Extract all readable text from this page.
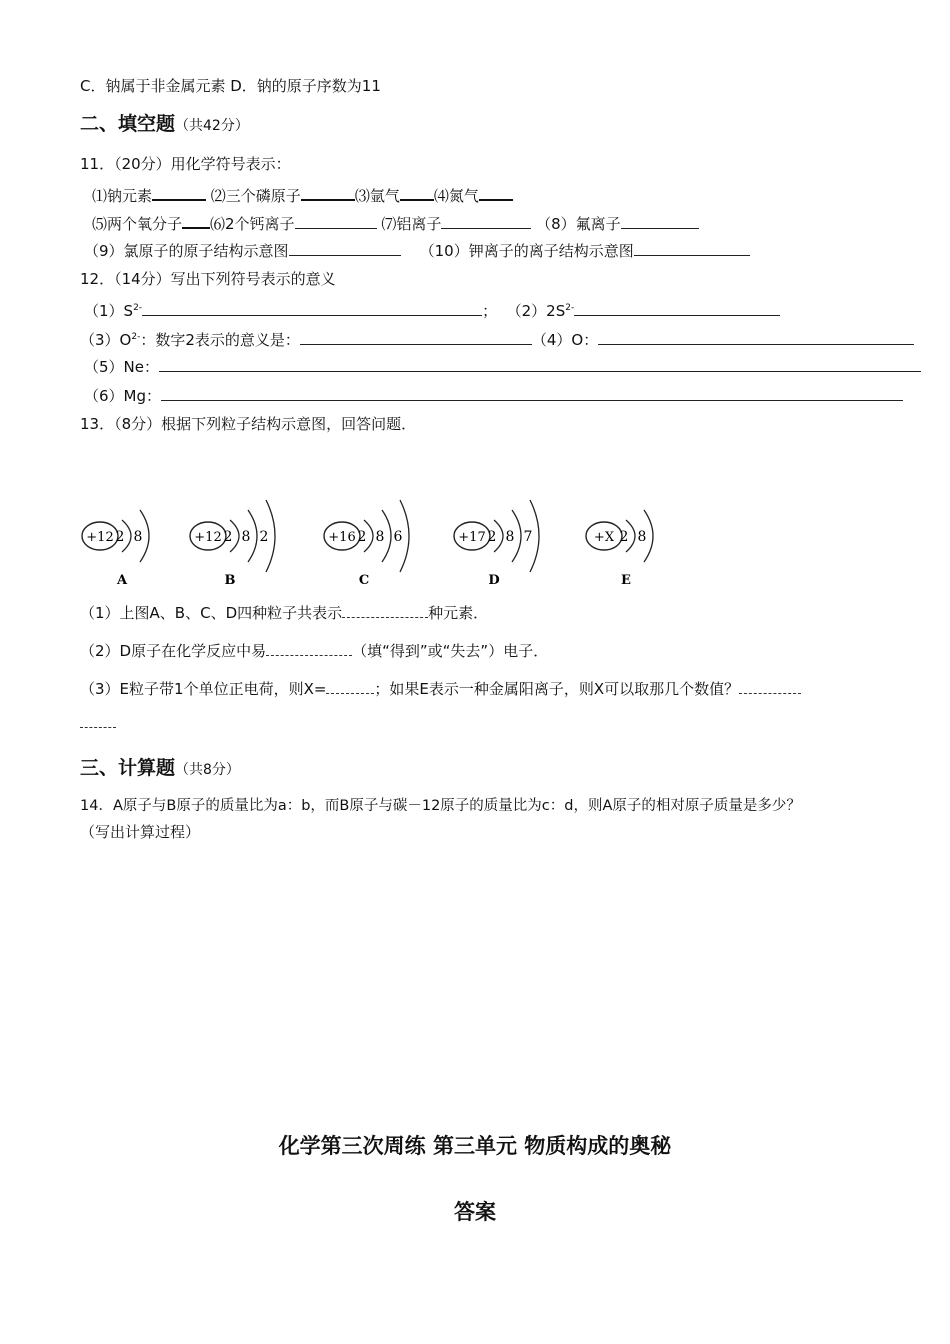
C．钠属于非金属元素 D．钠的原子序数为11
二、填空题（共42分）
11．（20分）用化学符号表示：
⑴钠元素	⑵三个磷原子	⑶氩气 ⑷氮气
⑸两个氧分子 ⑹2个钙离子	⑺铝离子	（8）氟离子
（9）氯原子的原子结构示意图	（10）钾离子的离子结构示意图
12．（14分）写出下列符号表示的意义
$(1)S^{2-}$	； $(2)2S^{2-}$
$(3)O^{2-}$：数字2表示的意义是：	（4）O：
（5）Ne：
（6）Mg：
13．（8分）根据下列粒子结构示意图，回答问题．
+12 2 8
A
+12 2 8 2
B
+16 2 8 6
C
+17 2 8 7
D
+X 2 8
E
（1）上图A、B、C、D四种粒子共表示	种元素．
（2）D原子在化学反应中易	（填“得到”或“失去”）电子．
（3）E粒子带1个单位正电荷，则X=	；如果E表示一种金属阳离子，则X可以取那几个数值？
三、计算题（共8分）
14．A原子与B原子的质量比为a：b，而B原子与碳－12原子的质量比为c：d，则A原子的相对原子质量是多少？
（写出计算过程）
化学第三次周练 第三单元 物质构成的奥秘
答案
